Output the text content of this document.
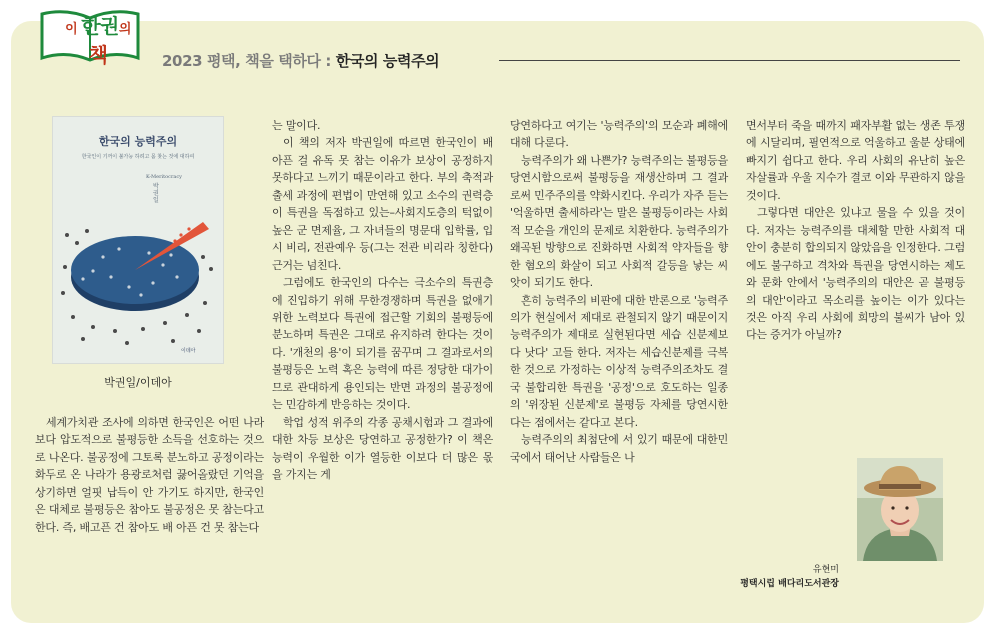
이 한권의 책	2023 평택, 책을 택하다 : 한국의 능력주의
한국의 능력주의
한국인이 기꺼이 불가능 하려고 몸 찾는 것에 대하여
K-Meritocracy
박권일
이데아
박권일/이데아

세계가치관 조사에 의하면 한국인은 어떤 나라보다 압도적으로 불평등한 소득을 선호하는 것으로 나온다. 불공정에 그토록 분노하고 공정이라는 화두로 온 나라가 용광로처럼 끓어올랐던 기억을 상기하면 얼핏 납득이 안 가기도 하지만, 한국인은 대체로 불평등은 참아도 불공정은 못 참는다고 한다. 즉, 배고픈 건 참아도 배 아픈 건 못 참는다

는 말이다.

이 책의 저자 박권일에 따르면 한국인이 배 아픈 걸 유독 못 참는 이유가 보상이 공정하지 못하다고 느끼기 때문이라고 한다. 부의 축적과 출세 과정에 편법이 만연해 있고 소수의 권력층이 특권을 독점하고 있는–사회지도층의 턱없이 높은 군 면제율, 그 자녀들의 명문대 입학률, 입시 비리, 전관예우 등(그는 전관 비리라 칭한다) 근거는 넘친다.

그럼에도 한국인의 다수는 극소수의 특권층에 진입하기 위해 무한경쟁하며 특권을 없애기 위한 노력보다 특권에 접근할 기회의 불평등에 분노하며 특권은 그대로 유지하려 한다는 것이다. '개천의 용'이 되기를 꿈꾸며 그 결과로서의 불평등은 노력 혹은 능력에 따른 정당한 대가이므로 관대하게 용인되는 반면 과정의 불공정에는 민감하게 반응하는 것이다.

학업 성적 위주의 각종 공채시험과 그 결과에 대한 차등 보상은 당연하고 공정한가? 이 책은 능력이 우월한 이가 열등한 이보다 더 많은 몫을 가지는 게

당연하다고 여기는 '능력주의'의 모순과 폐해에 대해 다룬다.

능력주의가 왜 나쁜가? 능력주의는 불평등을 당연시함으로써 불평등을 재생산하며 그 결과로써 민주주의를 약화시킨다. 우리가 자주 듣는 '억울하면 출세하라'는 말은 불평등이라는 사회적 모순을 개인의 문제로 치환한다. 능력주의가 왜곡된 방향으로 진화하면 사회적 약자들을 향한 혐오의 화살이 되고 사회적 갈등을 낳는 씨앗이 되기도 한다.

흔히 능력주의 비판에 대한 반론으로 '능력주의가 현실에서 제대로 관철되지 않기 때문이지 능력주의가 제대로 실현된다면 세습 신분제보다 낫다' 고들 한다. 저자는 세습신분제를 극복한 것으로 가정하는 이상적 능력주의조차도 결국 불합리한 특권을 '공정'으로 호도하는 일종의 '위장된 신분제'로 불평등 자체를 당연시한다는 점에서는 같다고 본다.

능력주의의 최첨단에 서 있기 때문에 대한민국에서 태어난 사람들은 나

면서부터 죽을 때까지 패자부활 없는 생존 투쟁에 시달리며, 필연적으로 억울하고 울분 상태에 빠지기 쉽다고 한다. 우리 사회의 유난히 높은 자살률과 우울 지수가 결코 이와 무관하지 않을 것이다.

그렇다면 대안은 있냐고 물을 수 있을 것이다. 저자는 능력주의를 대체할 만한 사회적 대안이 충분히 합의되지 않았음을 인정한다. 그럼에도 불구하고 격차와 특권을 당연시하는 제도와 문화 안에서 '능력주의의 대안은 곧 불평등의 대안'이라고 목소리를 높이는 이가 있다는 것은 아직 우리 사회에 희망의 불씨가 남아 있다는 증거가 아닐까?

유현미
평택시립 배다리도서관장
